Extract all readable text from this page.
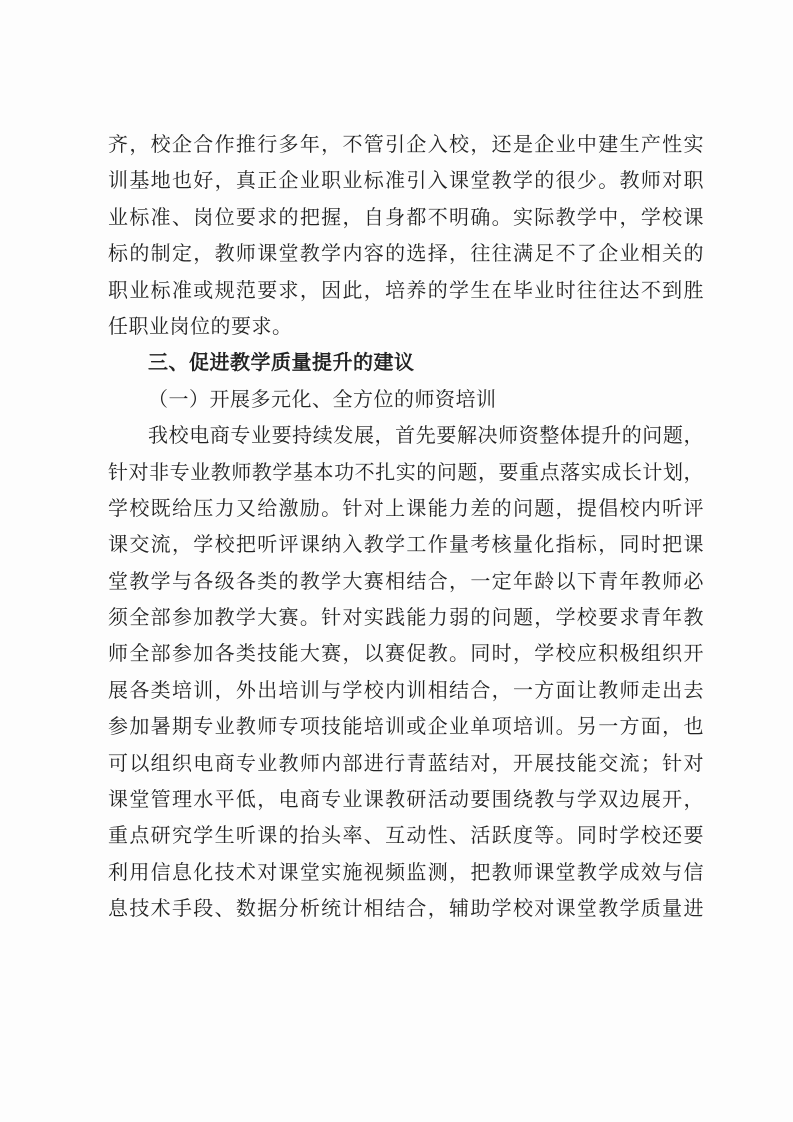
齐，校企合作推行多年，不管引企入校，还是企业中建生产性实
训基地也好，真正企业职业标准引入课堂教学的很少。教师对职
业标准、岗位要求的把握，自身都不明确。实际教学中，学校课
标的制定，教师课堂教学内容的选择，往往满足不了企业相关的
职业标准或规范要求，因此，培养的学生在毕业时往往达不到胜
任职业岗位的要求。
三、促进教学质量提升的建议
（一）开展多元化、全方位的师资培训
我校电商专业要持续发展，首先要解决师资整体提升的问题，
针对非专业教师教学基本功不扎实的问题，要重点落实成长计划，
学校既给压力又给激励。针对上课能力差的问题，提倡校内听评
课交流，学校把听评课纳入教学工作量考核量化指标，同时把课
堂教学与各级各类的教学大赛相结合，一定年龄以下青年教师必
须全部参加教学大赛。针对实践能力弱的问题，学校要求青年教
师全部参加各类技能大赛，以赛促教。同时，学校应积极组织开
展各类培训，外出培训与学校内训相结合，一方面让教师走出去
参加暑期专业教师专项技能培训或企业单项培训。另一方面，也
可以组织电商专业教师内部进行青蓝结对，开展技能交流；针对
课堂管理水平低，电商专业课教研活动要围绕教与学双边展开，
重点研究学生听课的抬头率、互动性、活跃度等。同时学校还要
利用信息化技术对课堂实施视频监测，把教师课堂教学成效与信
息技术手段、数据分析统计相结合，辅助学校对课堂教学质量进
